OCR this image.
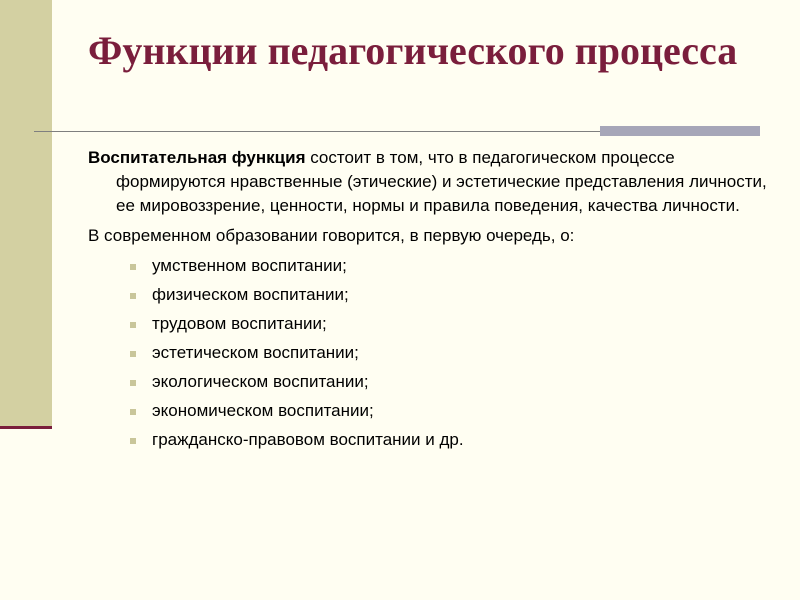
Функции педагогического процесса

Воспитательная функция состоит в том, что в педагогическом процессе формируются нравственные (этические) и эстетические представления личности, ее мировоззрение, ценности, нормы и правила поведения, качества личности.

В современном образовании говорится, в первую очередь, о:

умственном воспитании;
физическом воспитании;
трудовом воспитании;
эстетическом воспитании;
экологическом воспитании;
экономическом воспитании;
гражданско-правовом воспитании и др.
